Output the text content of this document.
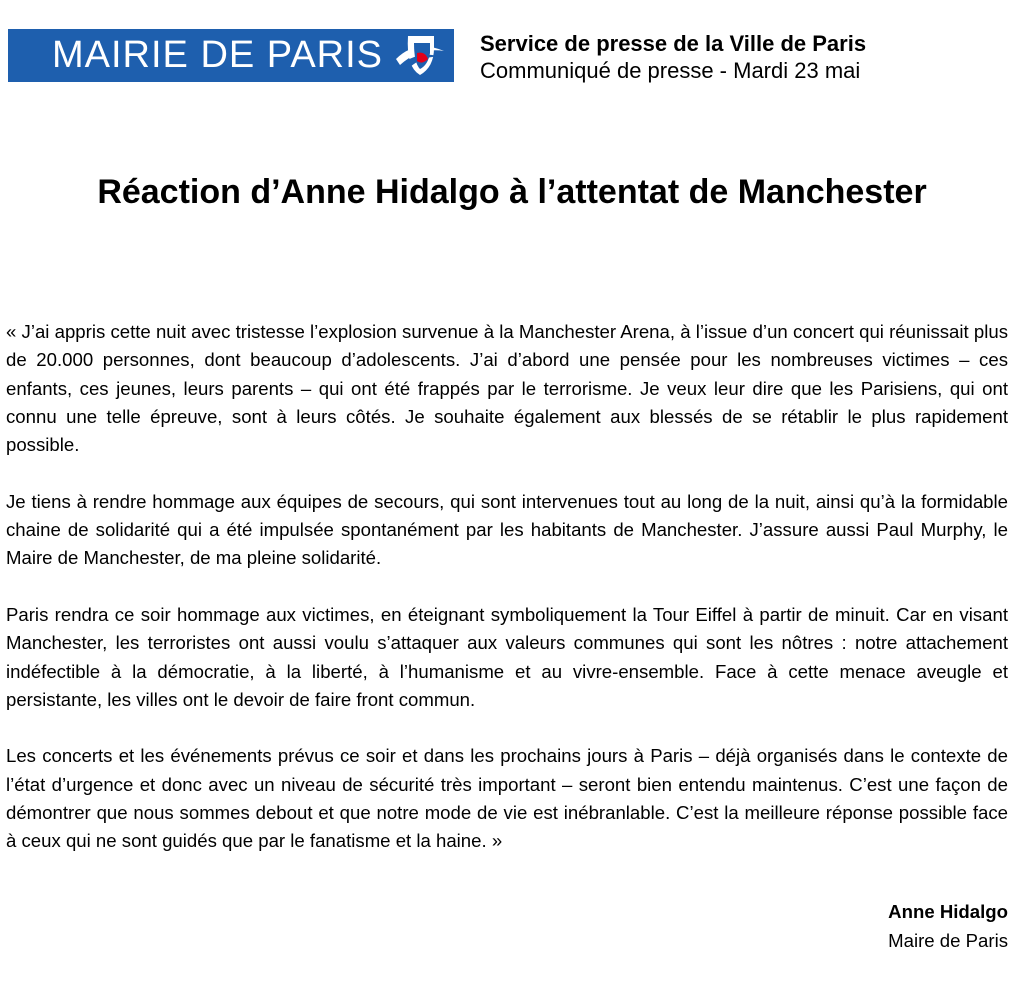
MAIRIE DE PARIS	Service de presse de la Ville de Paris
Communiqué de presse - Mardi 23 mai
Réaction d’Anne Hidalgo à l’attentat de Manchester

« J’ai appris cette nuit avec tristesse l’explosion survenue à la Manchester Arena, à l’issue d’un concert qui réunissait plus de 20.000 personnes, dont beaucoup d’adolescents. J’ai d’abord une pensée pour les nombreuses victimes – ces enfants, ces jeunes, leurs parents – qui ont été frappés par le terrorisme. Je veux leur dire que les Parisiens, qui ont connu une telle épreuve, sont à leurs côtés. Je souhaite également aux blessés de se rétablir le plus rapidement possible.

Je tiens à rendre hommage aux équipes de secours, qui sont intervenues tout au long de la nuit, ainsi qu’à la formidable chaine de solidarité qui a été impulsée spontanément par les habitants de Manchester. J’assure aussi Paul Murphy, le Maire de Manchester, de ma pleine solidarité.

Paris rendra ce soir hommage aux victimes, en éteignant symboliquement la Tour Eiffel à partir de minuit. Car en visant Manchester, les terroristes ont aussi voulu s’attaquer aux valeurs communes qui sont les nôtres : notre attachement indéfectible à la démocratie, à la liberté, à l’humanisme et au vivre-ensemble. Face à cette menace aveugle et persistante, les villes ont le devoir de faire front commun.

Les concerts et les événements prévus ce soir et dans les prochains jours à Paris – déjà organisés dans le contexte de l’état d’urgence et donc avec un niveau de sécurité très important – seront bien entendu maintenus. C’est une façon de démontrer que nous sommes debout et que notre mode de vie est inébranlable. C’est la meilleure réponse possible face à ceux qui ne sont guidés que par le fanatisme et la haine. »

Anne Hidalgo
Maire de Paris
